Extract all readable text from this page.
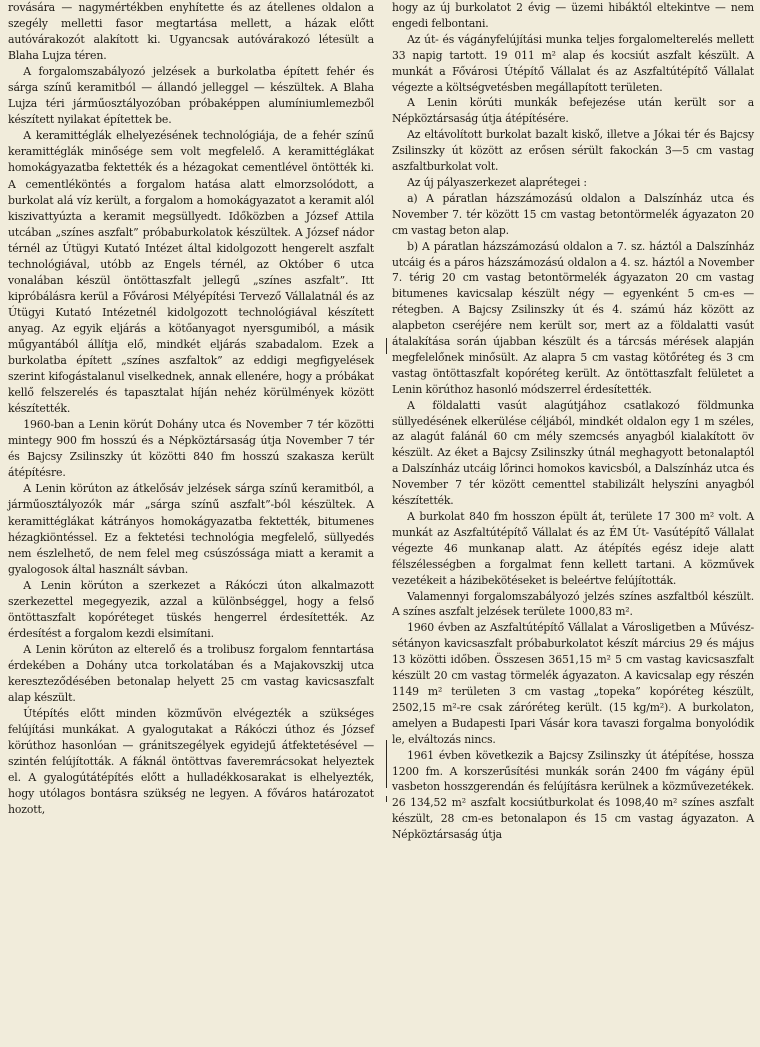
rovására — nagymértékben enyhítette és az átellenes oldalon a szegély melletti fasor megtartása mellett, a házak előtt autóvárakozót alakított ki. Ugyancsak autóvárakozó létesült a Blaha Lujza téren.

A forgalomszabályozó jelzések a burkolatba épített fehér és sárga színű keramitból — állandó jelleggel — készültek. A Blaha Lujza téri járműosztályozóban próbaképpen alumíniumlemezből készített nyilakat építettek be.

A keramittéglák elhelyezésének technológiája, de a fehér színű keramittéglák minősége sem volt megfelelő. A keramittéglákat homokágyazatba fektették és a hézagokat cementlével öntötték ki. A cementléköntés a forgalom hatása alatt elmorzsolódott, a burkolat alá víz került, a forgalom a homokágyazatot a keramit alól kiszivattyúzta a keramit megsüllyedt. Időközben a József Attila utcában „színes aszfalt” próbaburkolatok készültek. A József nádor térnél az Útügyi Kutató Intézet által kidolgozott hengerelt aszfalt technológiával, utóbb az Engels térnél, az Október 6 utca vonalában készül öntöttaszfalt jellegű „színes aszfalt”. Itt kipróbálásra kerül a Fővárosi Mélyépítési Tervező Vállalatnál és az Útügyi Kutató Intézetnél kidolgozott technológiával készített anyag. Az egyik eljárás a kötőanyagot nyersgumiból, a másik műgyantából állítja elő, mindkét eljárás szabadalom. Ezek a burkolatba épített „színes aszfaltok” az eddigi megfigyelések szerint kifogástalanul viselkednek, annak ellenére, hogy a próbákat kellő felszerelés és tapasztalat híján nehéz körülmények között készítették.

1960-ban a Lenin körút Dohány utca és November 7 tér közötti mintegy 900 fm hosszú és a Népköztársaság útja November 7 tér és Bajcsy Zsilinszky út közötti 840 fm hosszú szakasza került átépítésre.

A Lenin körúton az átkelősáv jelzések sárga színű keramitból, a járműosztályozók már „sárga színű aszfalt”-ból készültek. A keramittéglákat kátrányos homokágyazatba fektették, bitumenes hézagkiöntéssel. Ez a fektetési technológia megfelelő, süllyedés nem észlelhető, de nem felel meg csúszóssága miatt a keramit a gyalogosok által használt sávban.

A Lenin körúton a szerkezet a Rákóczi úton alkalmazott szerkezettel megegyezik, azzal a különbséggel, hogy a felső öntöttaszfalt kopóréteget tüskés hengerrel érdesítették. Az érdesítést a forgalom kezdi elsimítani.

A Lenin körúton az elterelő és a trolibusz forgalom fenntartása érdekében a Dohány utca torkolatában és a Majakovszkij utca kereszteződésében betonalap helyett 25 cm vastag kavicsaszfalt alap készült.

Útépítés előtt minden közművön elvégezték a szükséges felújítási munkákat. A gyalogutakat a Rákóczi úthoz és József körúthoz hasonlóan — gránitszegélyek egyidejű átfektetésével — szintén felújították. A fáknál öntöttvas faveremrácsokat helyeztek el. A gyalogútátépítés előtt a hulladékkosarakat is elhelyezték, hogy utólagos bontásra szükség ne legyen. A főváros határozatot hozott,

hogy az új burkolatot 2 évig — üzemi hibáktól eltekintve — nem engedi felbontani.

Az út- és vágányfelújítási munka teljes forgalomelterelés mellett 33 napig tartott. 19 011 m² alap és kocsiút aszfalt készült. A munkát a Fővárosi Útépítő Vállalat és az Aszfaltútépítő Vállalat végezte a költségvetésben megállapított területen.

A Lenin körúti munkák befejezése után került sor a Népköztársaság útja átépítésére.

Az eltávolított burkolat bazalt kiskő, illetve a Jókai tér és Bajcsy Zsilinszky út között az erősen sérült fakockán 3—5 cm vastag aszfaltburkolat volt.

Az új pályaszerkezet alaprétegei :

a) A páratlan házszámozású oldalon a Dalszínház utca és November 7. tér között 15 cm vastag betontörmelék ágyazaton 20 cm vastag beton alap.

b) A páratlan házszámozású oldalon a 7. sz. háztól a Dalszínház utcáig és a páros házszámozású oldalon a 4. sz. háztól a November 7. térig 20 cm vastag betontörmelék ágyazaton 20 cm vastag bitumenes kavicsalap készült négy — egyenként 5 cm-es — rétegben. A Bajcsy Zsilinszky út és 4. számú ház között az alapbeton cseréjére nem került sor, mert az a földalatti vasút átalakítása során újabban készült és a tárcsás mérések alapján megfelelőnek minősült. Az alapra 5 cm vastag kötőréteg és 3 cm vastag öntöttaszfalt kopóréteg került. Az öntöttaszfalt felületet a Lenin körúthoz hasonló módszerrel érdesítették.

A földalatti vasút alagútjához csatlakozó földmunka süllyedésének elkerülése céljából, mindkét oldalon egy 1 m széles, az alagút falánál 60 cm mély szemcsés anyagból kialakított öv készült. Az éket a Bajcsy Zsilinszky útnál meghagyott betonalaptól a Dalszínház utcáig lőrinci homokos kavicsból, a Dalszínház utca és November 7 tér között cementtel stabilizált helyszíni anyagból készítették.

A burkolat 840 fm hosszon épült át, területe 17 300 m² volt. A munkát az Aszfaltútépítő Vállalat és az ÉM Út- Vasútépítő Vállalat végezte 46 munkanap alatt. Az átépítés egész ideje alatt félszélességben a forgalmat fenn kellett tartani. A közművek vezetékeit a házibekötéseket is beleértve felújították.

Valamennyi forgalomszabályozó jelzés színes aszfaltból készült. A színes aszfalt jelzések területe 1000,83 m².

1960 évben az Aszfaltútépítő Vállalat a Városligetben a Művész-sétányon kavicsaszfalt próbaburkolatot készít március 29 és május 13 közötti időben. Összesen 3651,15 m² 5 cm vastag kavicsaszfalt készült 20 cm vastag törmelék ágyazaton. A kavicsalap egy részén 1149 m² területen 3 cm vastag „topeka” kopóréteg készült, 2502,15 m²-re csak záróréteg került. (15 kg/m²). A burkolaton, amelyen a Budapesti Ipari Vásár kora tavaszi forgalma bonyolódik le, elváltozás nincs.

1961 évben következik a Bajcsy Zsilinszky út átépítése, hossza 1200 fm. A korszerűsítési munkák során 2400 fm vágány épül vasbeton hosszgerendán és felújításra kerülnek a közművezetékek. 26 134,52 m² aszfalt kocsiútburkolat és 1098,40 m² színes aszfalt készült, 28 cm-es betonalapon és 15 cm vastag ágyazaton. A Népköztársaság útja
